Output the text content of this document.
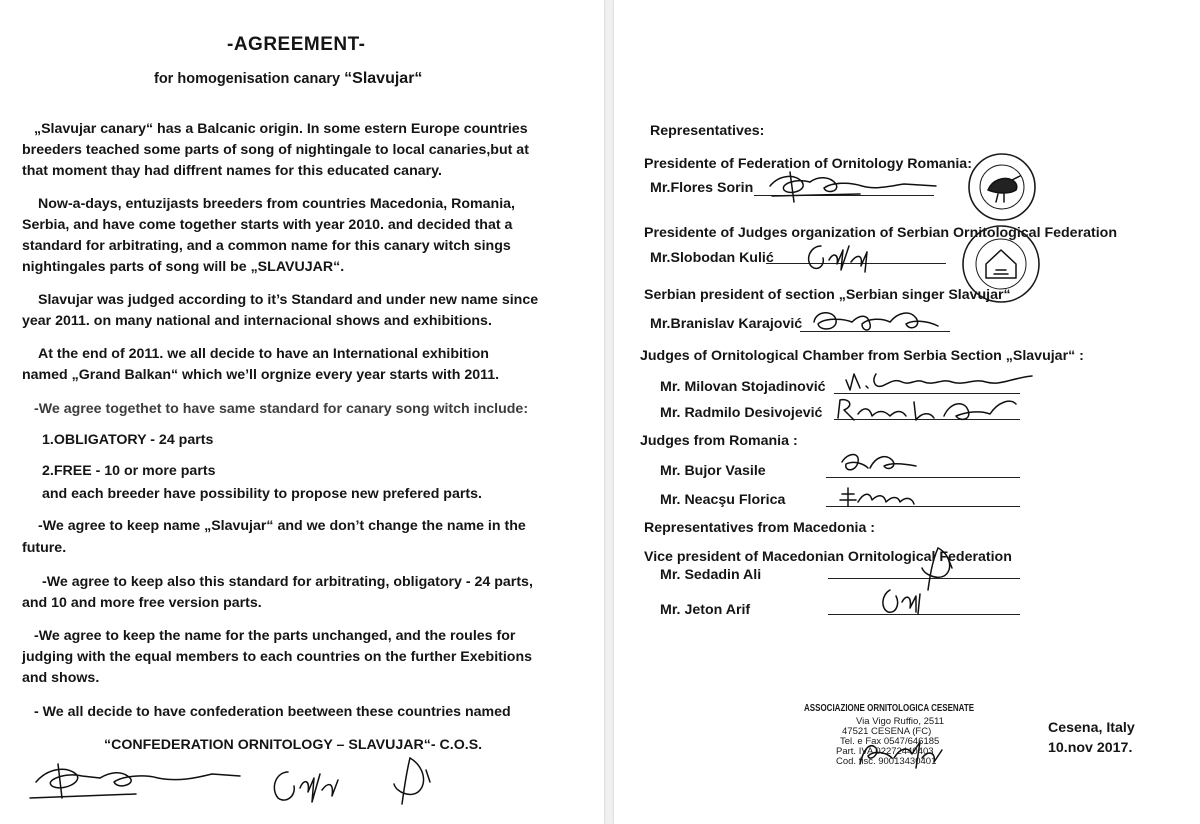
-AGREEMENT-
for homogenisation canary “Slavujar“
„Slavujar canary“ has a Balcanic origin. In some estern Europe countries
breeders teached some parts of song of nightingale to local canaries,but at
that moment thay had diffrent names for this educated canary.
Now-a-days, entuzijasts breeders from countries Macedonia, Romania,
Serbia, and have come together starts with year 2010. and decided that a
standard for arbitrating, and a common name for this canary witch sings
nightingales parts of song will be „SLAVUJAR“.
Slavujar was judged according to it’s Standard and under new name since
year 2011. on many national and internacional shows and exhibitions.
At the end of 2011. we all decide to have an International exhibition
named „Grand Balkan“ which we’ll orgnize every year starts with 2011.
-We agree togethet to have same standard for canary song witch include:
1.OBLIGATORY - 24 parts
2.FREE - 10 or more parts
and each breeder have possibility to propose new prefered parts.
-We agree to keep name „Slavujar“ and we don’t change the name in the
future.
-We agree to keep also this standard for arbitrating, obligatory - 24 parts,
and 10 and more free version parts.
-We agree to keep the name for the parts unchanged, and the roules for
judging with the equal members to each countries on the further Exebitions
and shows.
- We all decide to have confederation beetween these countries named
“CONFEDERATION ORNITOLOGY – SLAVUJAR“- C.O.S.
Representatives:
Presidente of Federation of Ornitology Romania:
Mr.Flores Sorin
Presidente of Judges organization of Serbian Ornitological Federation
Mr.Slobodan Kulić
Serbian president of section „Serbian singer Slavujar“
Mr.Branislav Karajović
Judges of Ornitological Chamber from Serbia Section „Slavujar“ :
Mr. Milovan Stojadinović
Mr. Radmilo Desivojević
Judges from Romania :
Mr. Bujor Vasile
Mr. Neacşu Florica
Representatives from Macedonia :
Vice president of Macedonian Ornitological Federation
Mr. Sedadin Ali
Mr. Jeton Arif
ASSOCIAZIONE ORNITOLOGICA CESENATE
Via Vigo Ruffio, 2511
47521 CESENA (FC)
Tel. e Fax 0547/646185
Part. IVA 02272440403
Cod. fisc. 90013430401
Cesena, Italy
10.nov 2017.
